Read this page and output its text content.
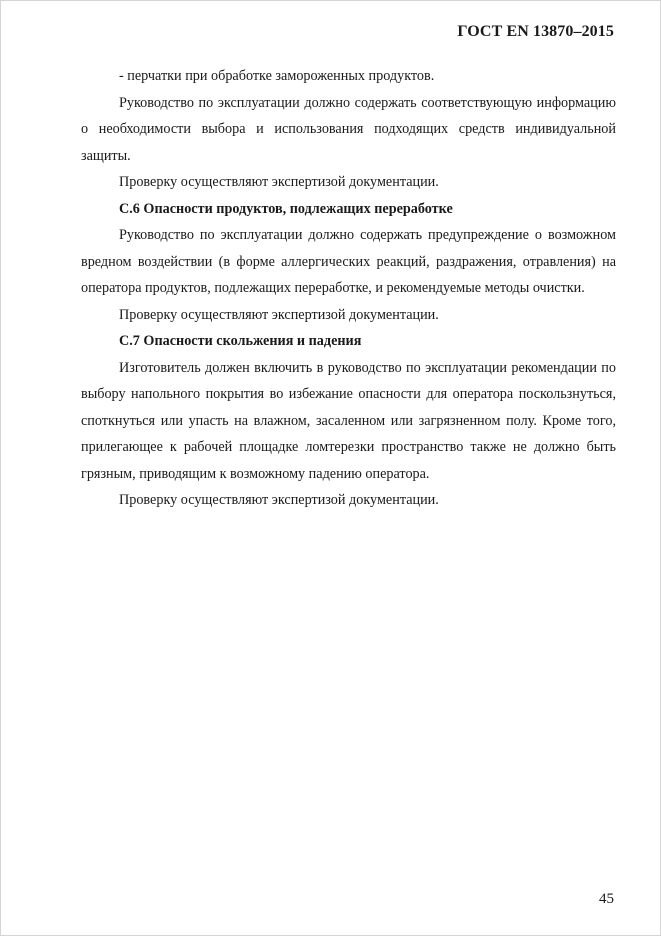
ГОСТ EN 13870–2015

- перчатки при обработке замороженных продуктов.

Руководство по эксплуатации должно содержать соответствующую информацию о необходимости выбора и использования подходящих средств индивидуальной защиты.

Проверку осуществляют экспертизой документации.

С.6 Опасности продуктов, подлежащих переработке

Руководство по эксплуатации должно содержать предупреждение о возможном вредном воздействии (в форме аллергических реакций, раздражения, отравления) на оператора продуктов, подлежащих переработке, и рекомендуемые методы очистки.

Проверку осуществляют экспертизой документации.

С.7 Опасности скольжения и падения

Изготовитель должен включить в руководство по эксплуатации рекомендации по выбору напольного покрытия во избежание опасности для оператора поскользнуться, споткнуться или упасть на влажном, засаленном или загрязненном полу. Кроме того, прилегающее к рабочей площадке ломтерезки пространство также не должно быть грязным, приводящим к возможному падению оператора.

Проверку осуществляют экспертизой документации.

45
